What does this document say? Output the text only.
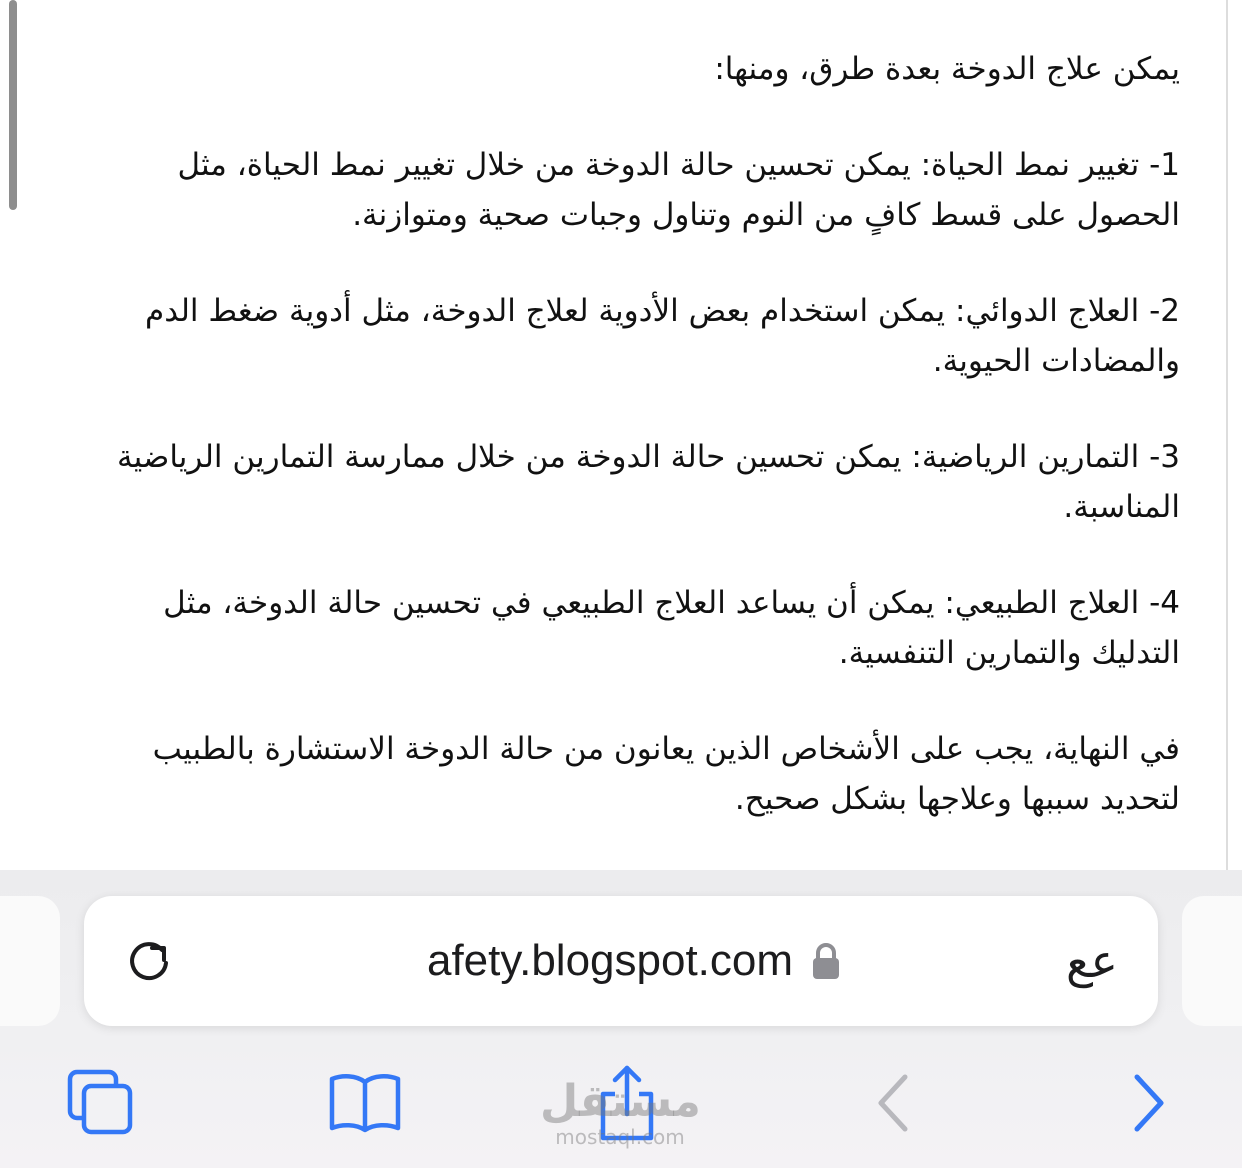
يمكن علاج الدوخة بعدة طرق، ومنها:

1- تغيير نمط الحياة: يمكن تحسين حالة الدوخة من خلال تغيير نمط الحياة، مثل الحصول على قسط كافٍ من النوم وتناول وجبات صحية ومتوازنة.

2- العلاج الدوائي: يمكن استخدام بعض الأدوية لعلاج الدوخة، مثل أدوية ضغط الدم والمضادات الحيوية.

3- التمارين الرياضية: يمكن تحسين حالة الدوخة من خلال ممارسة التمارين الرياضية المناسبة.

4- العلاج الطبيعي: يمكن أن يساعد العلاج الطبيعي في تحسين حالة الدوخة، مثل التدليك والتمارين التنفسية.

في النهاية، يجب على الأشخاص الذين يعانون من حالة الدوخة الاستشارة بالطبيب لتحديد سببها وعلاجها بشكل صحيح.

afety.blogspot.com	ﻋﻊ
مستقل
mostaql.com
